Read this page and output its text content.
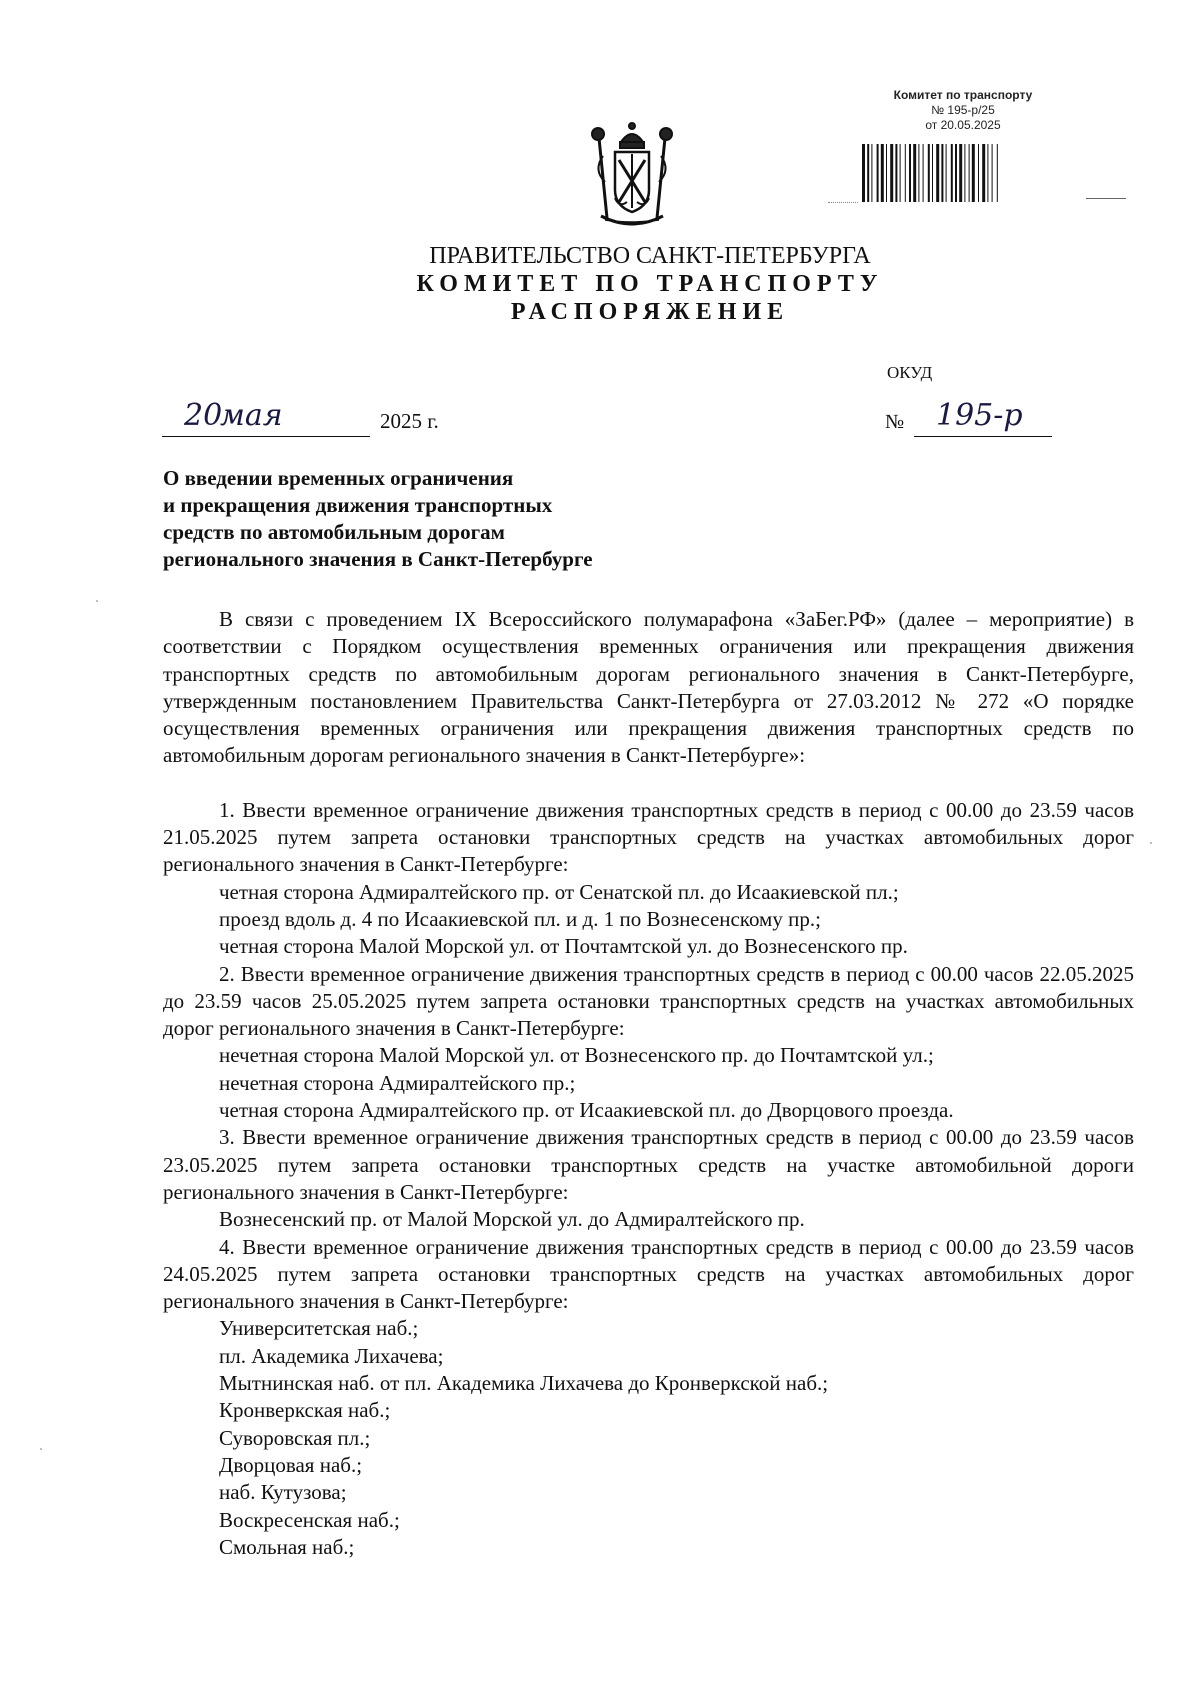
Комитет по транспорту
№ 195-р/25
от 20.05.2025
ПРАВИТЕЛЬСТВО САНКТ-ПЕТЕРБУРГА
КОМИТЕТ ПО ТРАНСПОРТУ
РАСПОРЯЖЕНИЕ
ОКУД
20
мая	2025 г.	№ 195-р
О введении временных ограничения
и прекращения движения транспортных
средств по автомобильным дорогам
регионального значения в Санкт-Петербурге

В связи с проведением IX Всероссийского полумарафона «ЗаБег.РФ» (далее – мероприятие) в соответствии с Порядком осуществления временных ограничения или прекращения движения транспортных средств по автомобильным дорогам регионального значения в Санкт-Петербурге, утвержденным постановлением Правительства Санкт-Петербурга от 27.03.2012 № 272 «О порядке осуществления временных ограничения или прекращения движения транспортных средств по автомобильным дорогам регионального значения в Санкт-Петербурге»:

1. Ввести временное ограничение движения транспортных средств в период с 00.00 до 23.59 часов 21.05.2025 путем запрета остановки транспортных средств на участках автомобильных дорог регионального значения в Санкт-Петербурге:

четная сторона Адмиралтейского пр. от Сенатской пл. до Исаакиевской пл.;

проезд вдоль д. 4 по Исаакиевской пл. и д. 1 по Вознесенскому пр.;

четная сторона Малой Морской ул. от Почтамтской ул. до Вознесенского пр.

2. Ввести временное ограничение движения транспортных средств в период с 00.00 часов 22.05.2025 до 23.59 часов 25.05.2025 путем запрета остановки транспортных средств на участках автомобильных дорог регионального значения в Санкт-Петербурге:

нечетная сторона Малой Морской ул. от Вознесенского пр. до Почтамтской ул.;

нечетная сторона Адмиралтейского пр.;

четная сторона Адмиралтейского пр. от Исаакиевской пл. до Дворцового проезда.

3. Ввести временное ограничение движения транспортных средств в период с 00.00 до 23.59 часов 23.05.2025 путем запрета остановки транспортных средств на участке автомобильной дороги регионального значения в Санкт-Петербурге:

Вознесенский пр. от Малой Морской ул. до Адмиралтейского пр.

4. Ввести временное ограничение движения транспортных средств в период с 00.00 до 23.59 часов 24.05.2025 путем запрета остановки транспортных средств на участках автомобильных дорог регионального значения в Санкт-Петербурге:

Университетская наб.;

пл. Академика Лихачева;

Мытнинская наб. от пл. Академика Лихачева до Кронверкской наб.;

Кронверкская наб.;

Суворовская пл.;

Дворцовая наб.;

наб. Кутузова;

Воскресенская наб.;

Смольная наб.;
